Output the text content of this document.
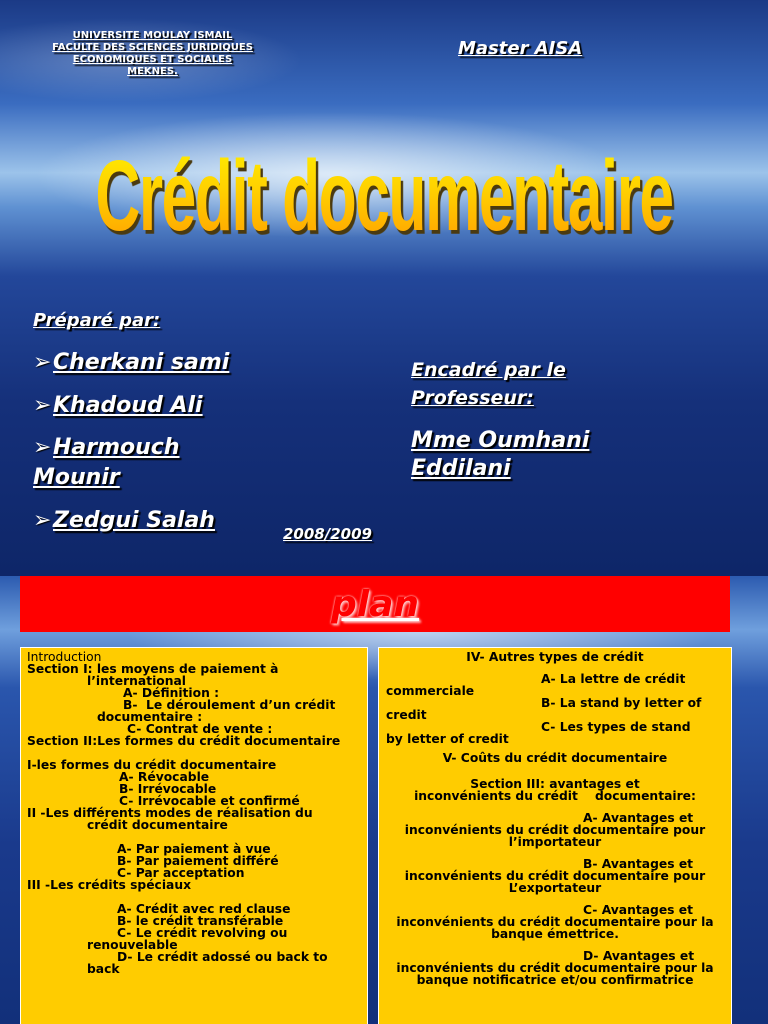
UNIVERSITE MOULAY ISMAIL
FACULTE DES SCIENCES JURIDIQUES
ECONOMIQUES ET SOCIALES
MEKNES.
Master AISA
Crédit documentaire
Préparé par:
➢Cherkani sami
➢Khadoud Ali
➢Harmouch Mounir
➢Zedgui Salah
Encadré par le Professeur:
Mme Oumhani Eddilani
2008/2009
plan
Introduction
Section I: les moyens de paiement à
l’international
A- Définition :
B-  Le déroulement d’un crédit
documentaire :
C- Contrat de vente :
Section II:Les formes du crédit documentaire
I-les formes du crédit documentaire
A- Révocable
B- Irrévocable
C- Irrévocable et confirmé
II -Les différents modes de réalisation du
crédit documentaire
A- Par paiement à vue
B- Par paiement différé
C- Par acceptation
III -Les crédits spéciaux
A- Crédit avec red clause
B- le crédit transférable
C- Le crédit revolving ou
renouvelable
D- Le crédit adossé ou back to
back
IV- Autres types de crédit
A- La lettre de crédit
commerciale
B- La stand by letter of
credit
C- Les types de stand
by letter of credit
V- Coûts du crédit documentaire
Section III: avantages et
inconvénients du crédit    documentaire:
A- Avantages et
inconvénients du crédit documentaire pour
l’importateur
B- Avantages et
inconvénients du crédit documentaire pour
L’exportateur
C- Avantages et
inconvénients du crédit documentaire pour la
banque émettrice.
D- Avantages et
inconvénients du crédit documentaire pour la
banque notificatrice et/ou confirmatrice
